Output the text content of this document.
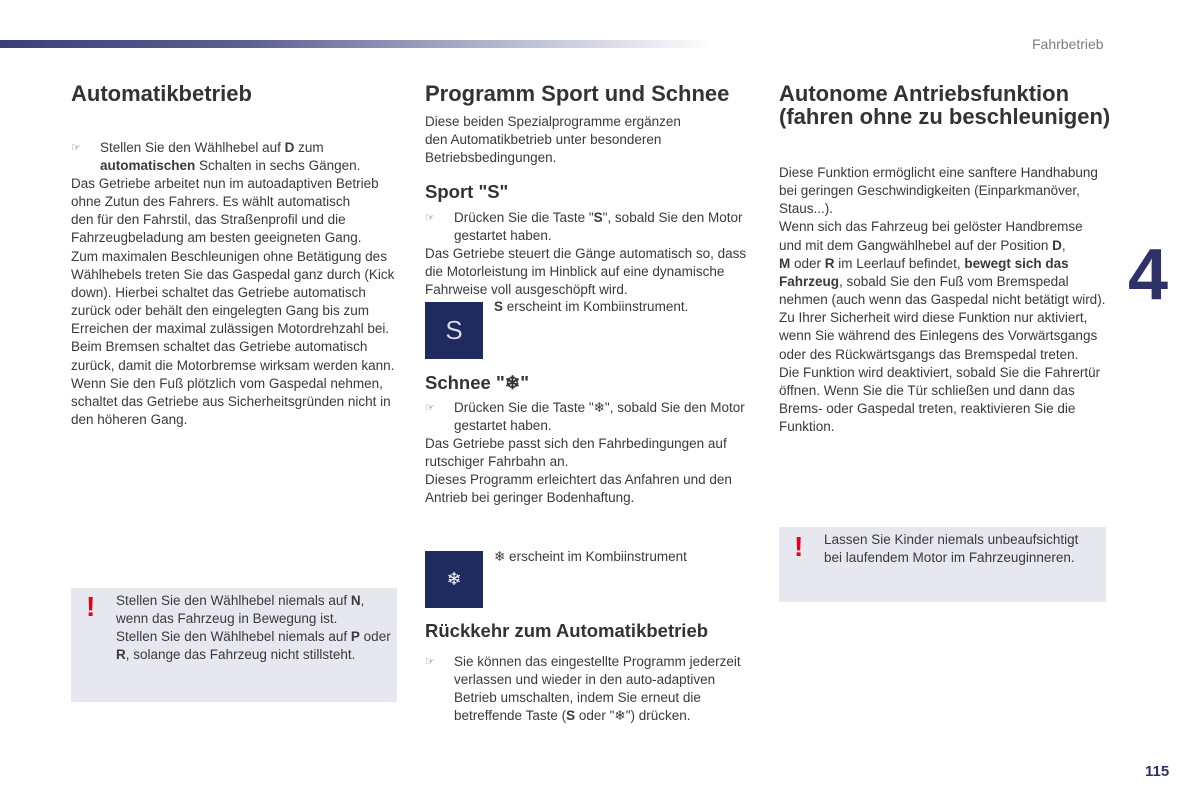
Fahrbetrieb
4
115
Automatikbetrieb
☞ Stellen Sie den Wählhebel auf D zum
automatischen Schalten in sechs Gängen.
Das Getriebe arbeitet nun im autoadaptiven Betrieb
ohne Zutun des Fahrers. Es wählt automatisch
den für den Fahrstil, das Straßenprofil und die
Fahrzeugbeladung am besten geeigneten Gang.
Zum maximalen Beschleunigen ohne Betätigung des
Wählhebels treten Sie das Gaspedal ganz durch (Kick
down). Hierbei schaltet das Getriebe automatisch
zurück oder behält den eingelegten Gang bis zum
Erreichen der maximal zulässigen Motordrehzahl bei.
Beim Bremsen schaltet das Getriebe automatisch
zurück, damit die Motorbremse wirksam werden kann.
Wenn Sie den Fuß plötzlich vom Gaspedal nehmen,
schaltet das Getriebe aus Sicherheitsgründen nicht in
den höheren Gang.
! Stellen Sie den Wählhebel niemals auf N,
wenn das Fahrzeug in Bewegung ist.
Stellen Sie den Wählhebel niemals auf P oder
R, solange das Fahrzeug nicht stillsteht.
Programm Sport und Schnee
Diese beiden Spezialprogramme ergänzen
den Automatikbetrieb unter besonderen
Betriebsbedingungen.
Sport "S"
☞ Drücken Sie die Taste "S", sobald Sie den Motor
gestartet haben.
Das Getriebe steuert die Gänge automatisch so, dass
die Motorleistung im Hinblick auf eine dynamische
Fahrweise voll ausgeschöpft wird.
S
S erscheint im Kombiinstrument.
Schnee "❄"
☞ Drücken Sie die Taste "❄", sobald Sie den Motor
gestartet haben.
Das Getriebe passt sich den Fahrbedingungen auf
rutschiger Fahrbahn an.
Dieses Programm erleichtert das Anfahren und den
Antrieb bei geringer Bodenhaftung.
❄
❄ erscheint im Kombiinstrument
Rückkehr zum Automatikbetrieb
☞ Sie können das eingestellte Programm jederzeit
verlassen und wieder in den auto-adaptiven
Betrieb umschalten, indem Sie erneut die
betreffende Taste (S oder "❄") drücken.
Autonome Antriebsfunktion
(fahren ohne zu beschleunigen)
Diese Funktion ermöglicht eine sanftere Handhabung
bei geringen Geschwindigkeiten (Einparkmanöver,
Staus...).
Wenn sich das Fahrzeug bei gelöster Handbremse
und mit dem Gangwählhebel auf der Position D,
M oder R im Leerlauf befindet, bewegt sich das
Fahrzeug, sobald Sie den Fuß vom Bremspedal
nehmen (auch wenn das Gaspedal nicht betätigt wird).
Zu Ihrer Sicherheit wird diese Funktion nur aktiviert,
wenn Sie während des Einlegens des Vorwärtsgangs
oder des Rückwärtsgangs das Bremspedal treten.
Die Funktion wird deaktiviert, sobald Sie die Fahrertür
öffnen. Wenn Sie die Tür schließen und dann das
Brems- oder Gaspedal treten, reaktivieren Sie die
Funktion.
! Lassen Sie Kinder niemals unbeaufsichtigt
bei laufendem Motor im Fahrzeuginneren.
